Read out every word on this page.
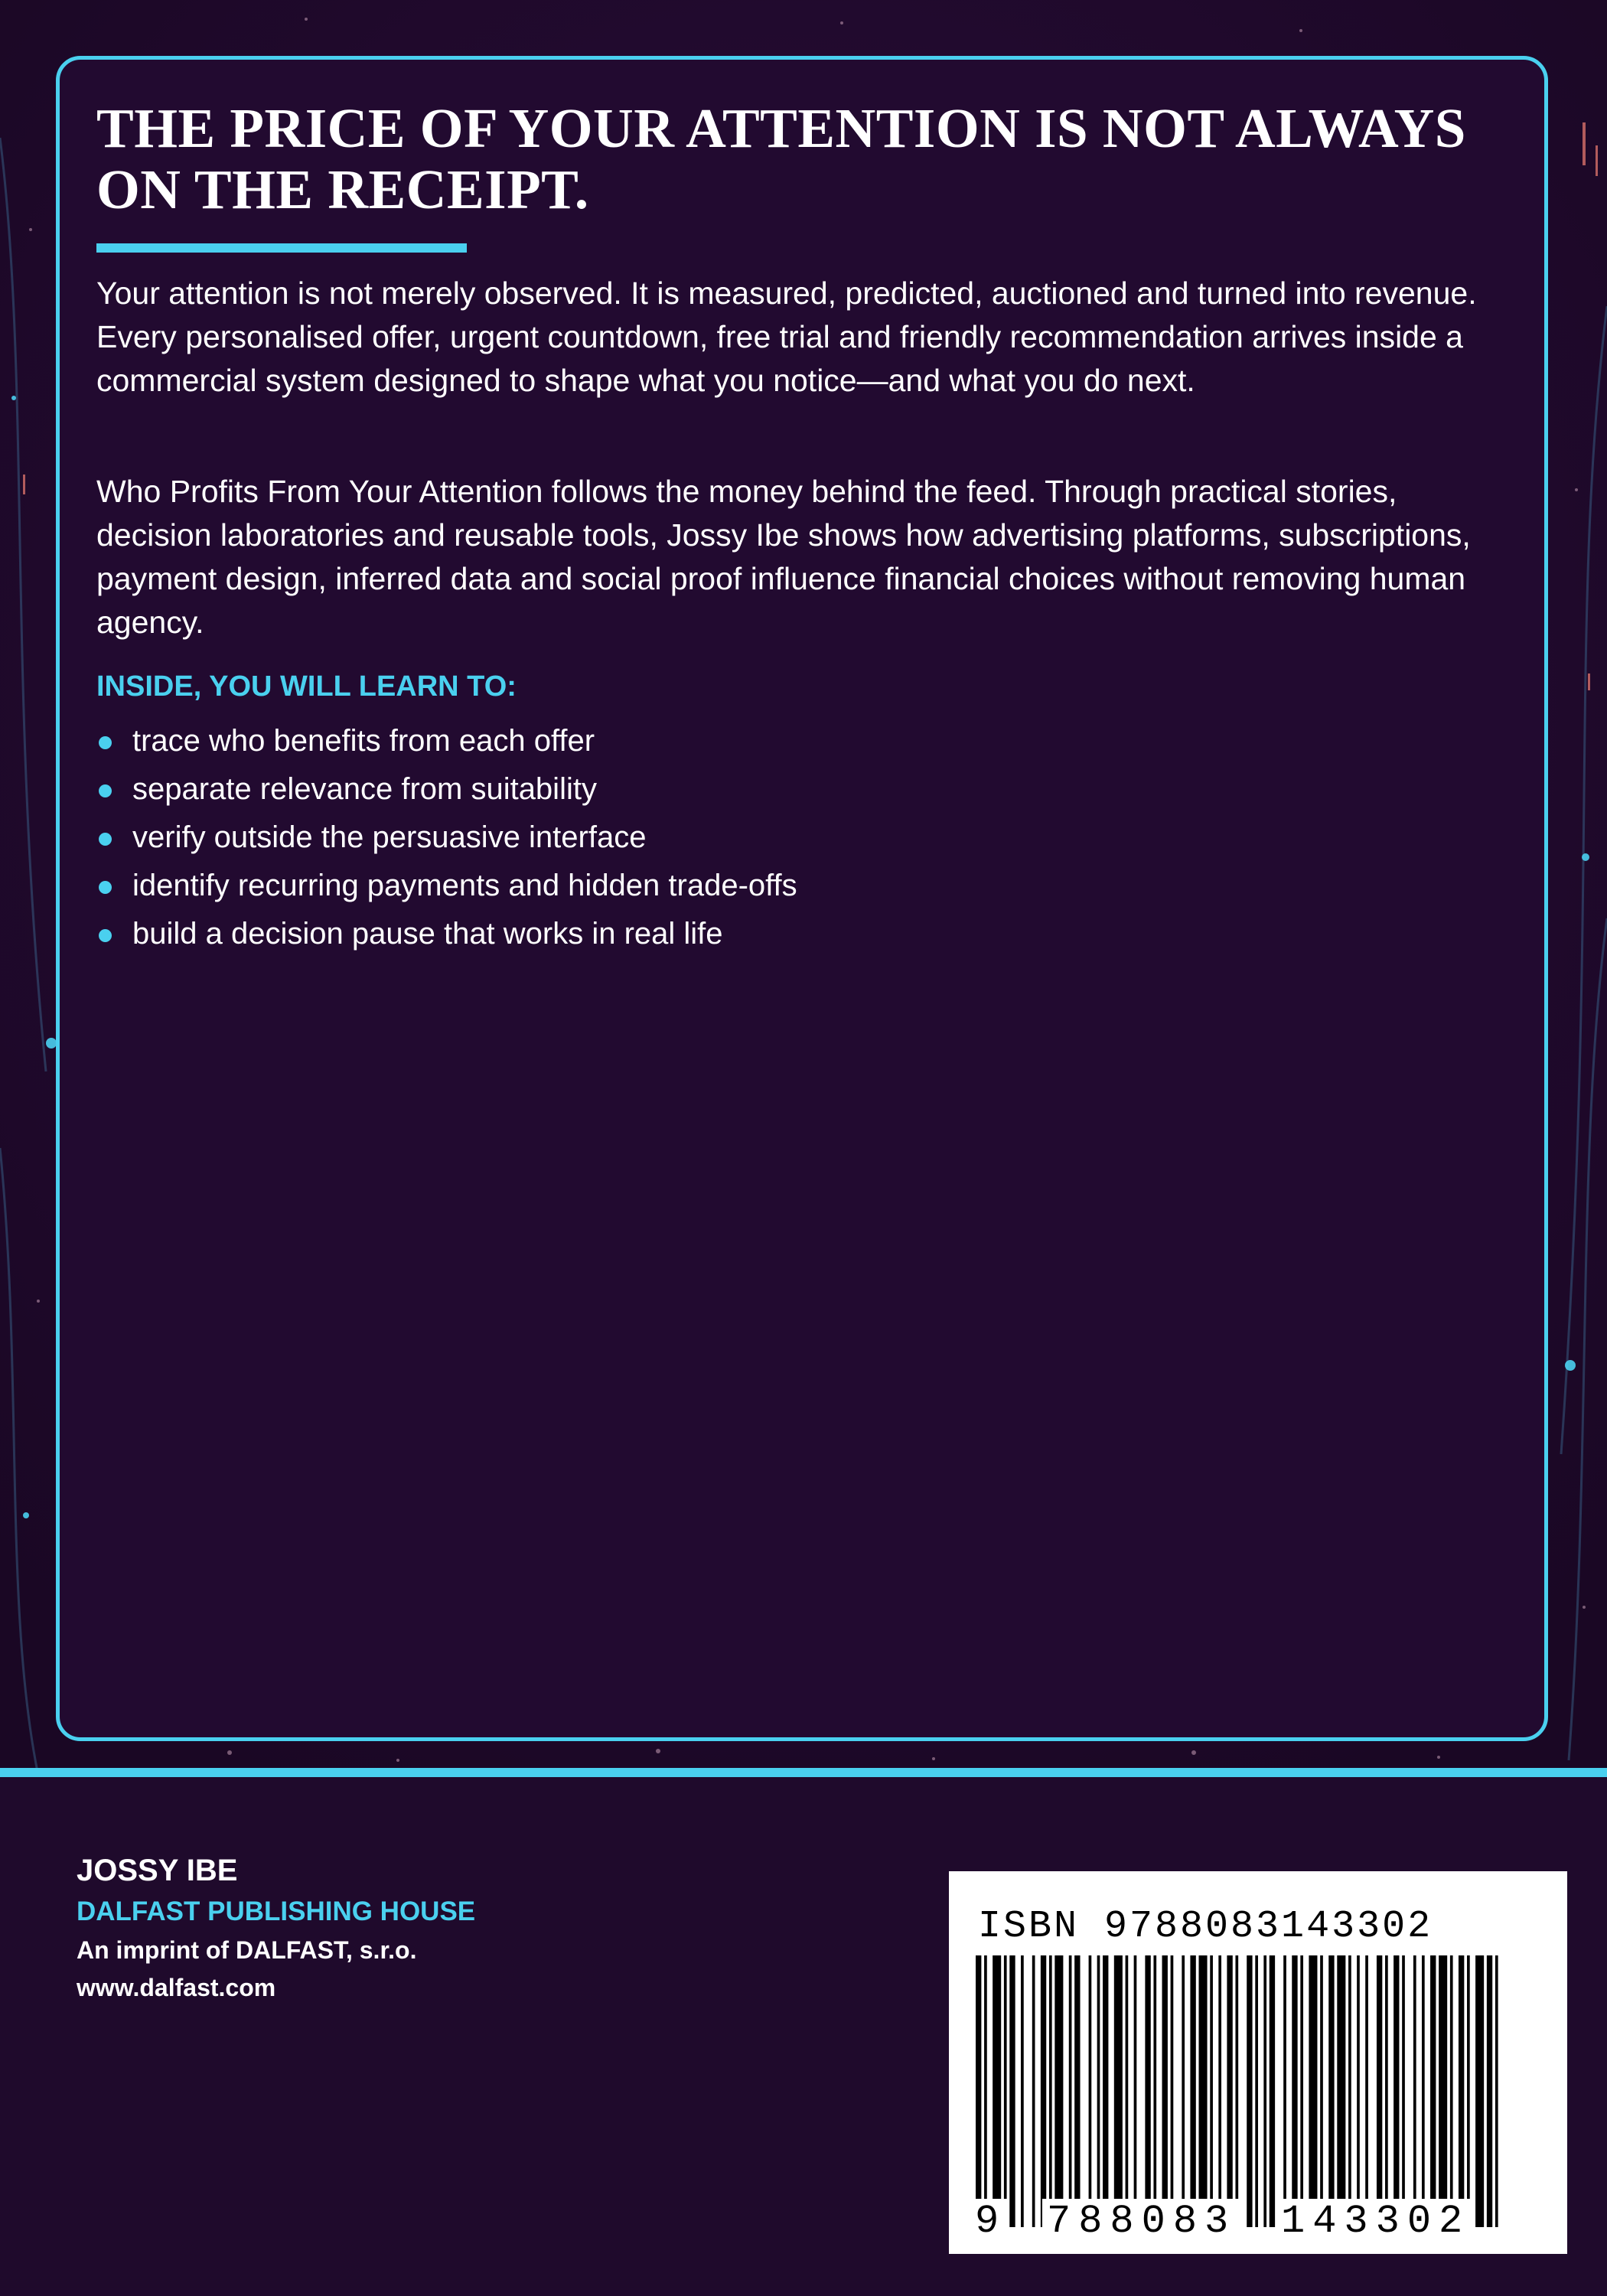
THE PRICE OF YOUR ATTENTION IS NOT ALWAYS ON THE RECEIPT.

Your attention is not merely observed. It is measured, predicted, auctioned and turned into revenue. Every personalised offer, urgent countdown, free trial and friendly recommendation arrives inside a commercial system designed to shape what you notice—and what you do next.

Who Profits From Your Attention follows the money behind the feed. Through practical stories, decision laboratories and reusable tools, Jossy Ibe shows how advertising platforms, subscriptions, payment design, inferred data and social proof influence financial choices without removing human agency.

INSIDE, YOU WILL LEARN TO:
trace who benefits from each offer
separate relevance from suitability
verify outside the persuasive interface
identify recurring payments and hidden trade-offs
build a decision pause that works in real life

JOSSY IBE

DALFAST PUBLISHING HOUSE

An imprint of DALFAST, s.r.o.

www.dalfast.com

ISBN 9788083143302

9 788083 143302
